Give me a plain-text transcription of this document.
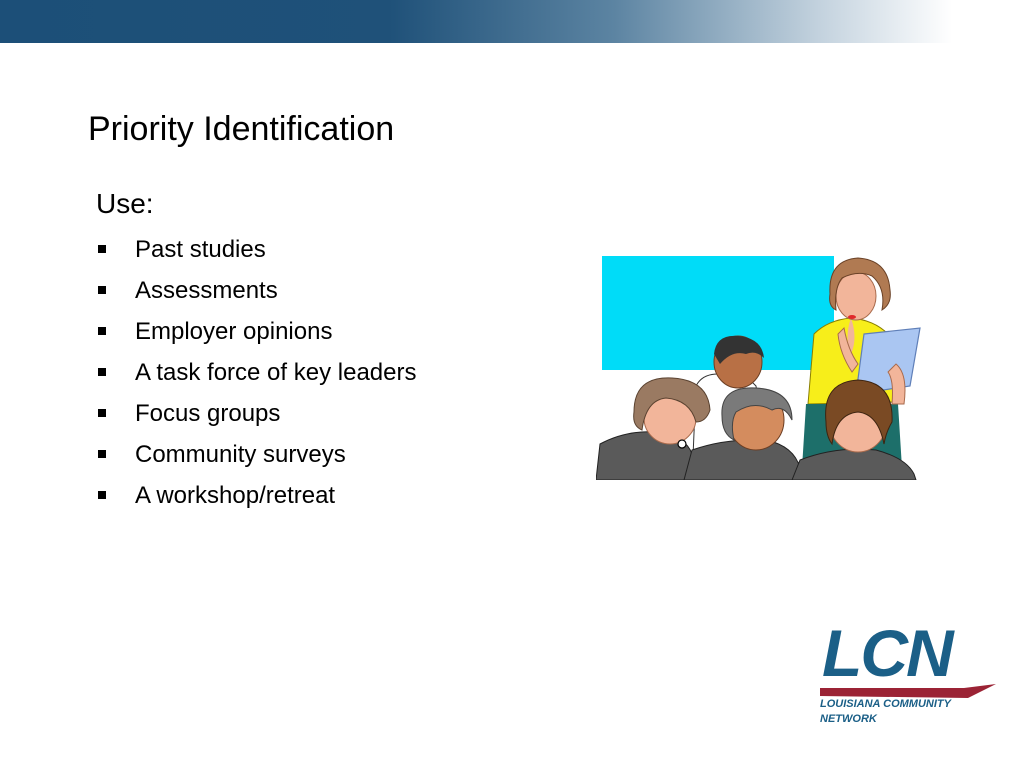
Priority Identification
Use:
Past studies
Assessments
Employer opinions
A task force of key leaders
Focus groups
Community surveys
A workshop/retreat
LCN
LOUISIANA COMMUNITY
NETWORK
